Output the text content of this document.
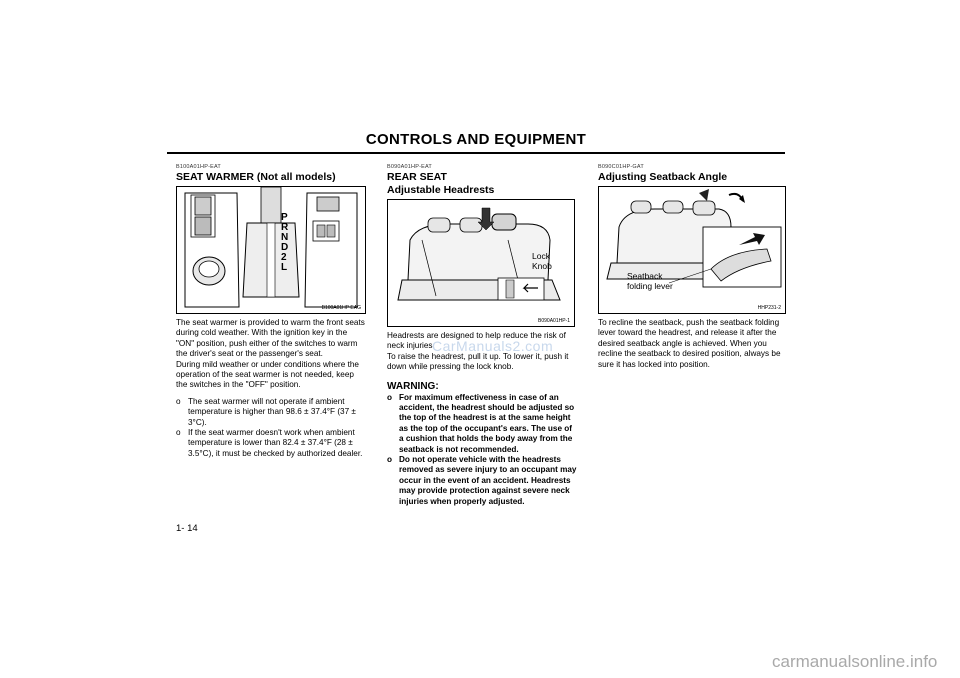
CONTROLS AND EQUIPMENT
B100A01HP-EAT
SEAT WARMER (Not all models)
P
R
N
D
2
L
B100A01HP EAG

The seat warmer is provided to warm the front seats during cold weather. With the ignition key in the "ON" position, push either of the switches to warm the driver's seat or the passenger's seat.

During mild weather or under conditions where the operation of the seat warmer is not needed, keep the switches in the "OFF" position.

o The seat warmer will not operate if ambient temperature is higher than 98.6 ± 37.4°F (37 ± 3°C).
o If the seat warmer doesn't work when ambient temperature is lower than 82.4 ± 37.4°F (28 ± 3.5°C), it must be checked by authorized dealer.
B090A01HP-EAT
REAR SEAT
Adjustable Headrests
Lock Knob
B090A01HP-1

Headrests are designed to help reduce the risk of neck injuries.

To raise the headrest, pull it up. To lower it, push it down while pressing the lock knob.

WARNING:
o For maximum effectiveness in case of an accident, the headrest should be adjusted so the top of the headrest is at the same height as the top of the occupant's ears. The use of a cushion that holds the body away from the seatback is not recommended.
o Do not operate vehicle with the headrests removed as severe injury to an occupant may occur in the event of an accident. Headrests may provide protection against severe neck injuries when properly adjusted.
B090C01HP-GAT
Adjusting Seatback Angle
Seatback folding lever
HHP231-2

To recline the seatback, push the seatback folding lever toward the headrest, and release it after the desired seatback angle is achieved. When you recline the seatback to desired position, always be sure it has locked into position.

CarManuals2.com
1- 14
carmanualsonline.info
